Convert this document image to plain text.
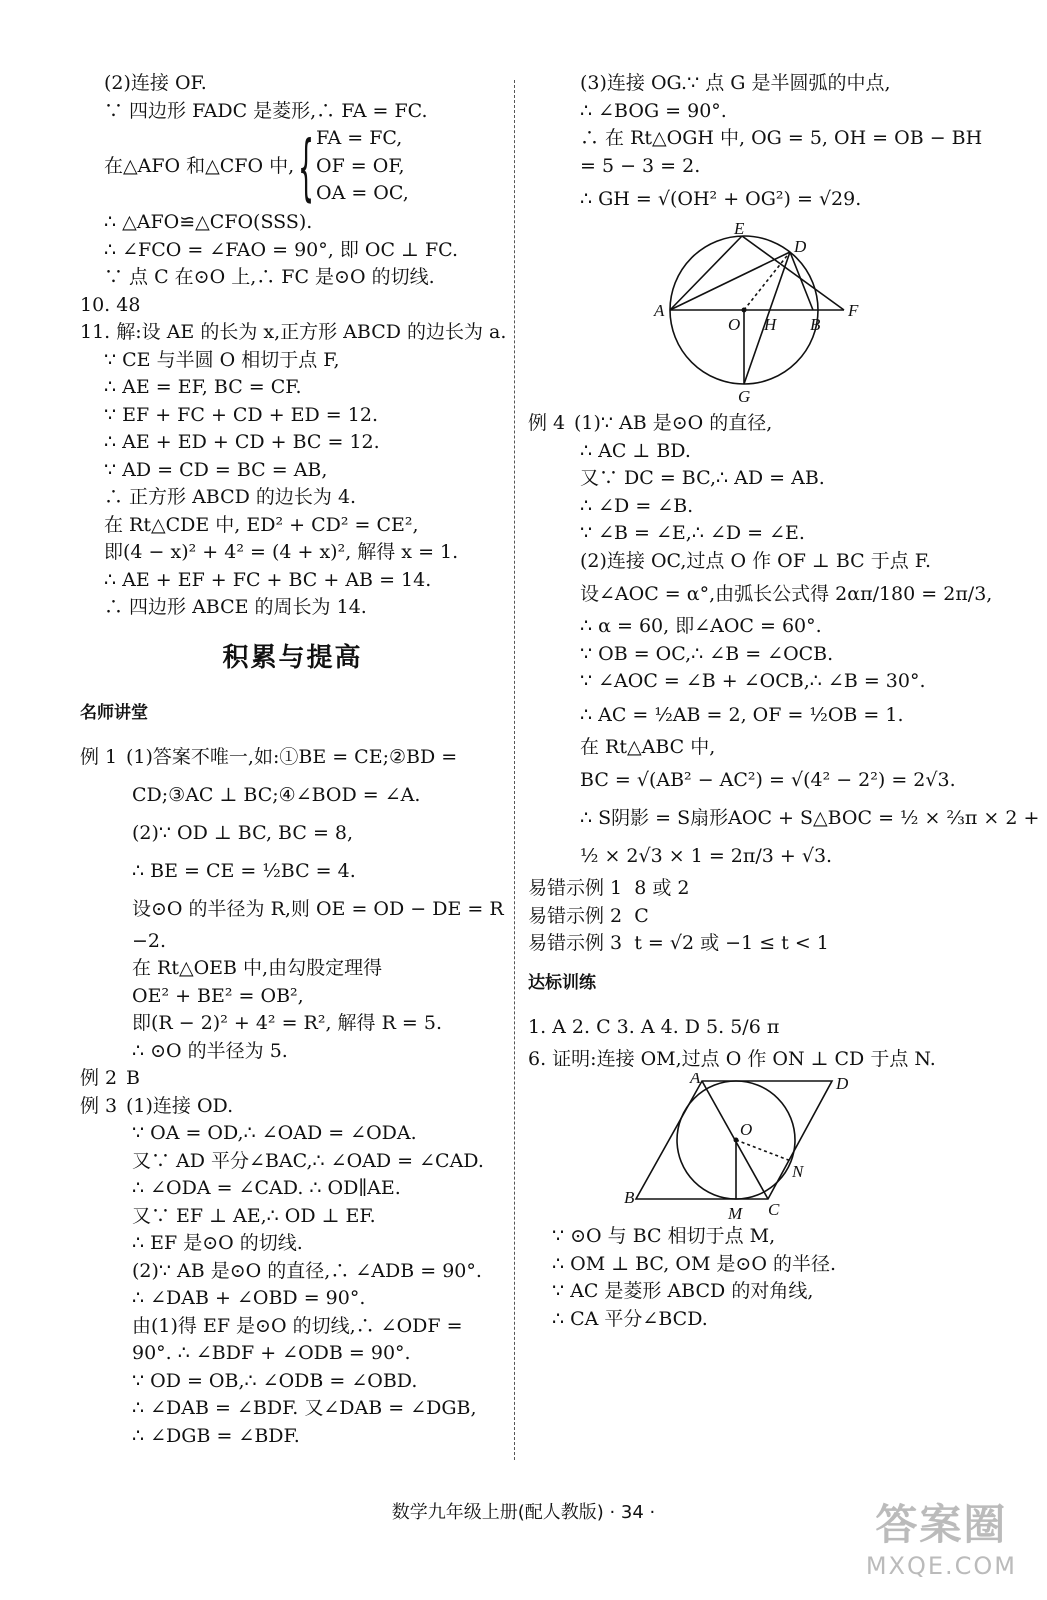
(2)连接 OF.
∵ 四边形 FADC 是菱形,∴ FA = FC.
在△AFO 和△CFO 中, { FA = FC,
OF = OF,
OA = OC,
∴ △AFO≌△CFO(SSS).
∴ ∠FCO = ∠FAO = 90°, 即 OC ⊥ FC.
∵ 点 C 在⊙O 上,∴ FC 是⊙O 的切线.
10. 48
11. 解:设 AE 的长为 x,正方形 ABCD 的边长为 a.
∵ CE 与半圆 O 相切于点 F,
∴ AE = EF, BC = CF.
∵ EF + FC + CD + ED = 12.
∴ AE + ED + CD + BC = 12.
∵ AD = CD = BC = AB,
∴ 正方形 ABCD 的边长为 4.
在 Rt△CDE 中, ED² + CD² = CE²,
即(4 − x)² + 4² = (4 + x)², 解得 x = 1.
∴ AE + EF + FC + BC + AB = 14.
∴ 四边形 ABCE 的周长为 14.
积累与提高
名师讲堂
例 1 (1)答案不唯一,如:①BE = CE;②BD =
CD;③AC ⊥ BC;④∠BOD = ∠A.
(2)∵ OD ⊥ BC, BC = 8,
∴ BE = CE = ½BC = 4.
设⊙O 的半径为 R,则 OE = OD − DE = R
−2.
在 Rt△OEB 中,由勾股定理得
OE² + BE² = OB²,
即(R − 2)² + 4² = R², 解得 R = 5.
∴ ⊙O 的半径为 5.
例 2 B
例 3 (1)连接 OD.
∵ OA = OD,∴ ∠OAD = ∠ODA.
又∵ AD 平分∠BAC,∴ ∠OAD = ∠CAD.
∴ ∠ODA = ∠CAD. ∴ OD∥AE.
又∵ EF ⊥ AE,∴ OD ⊥ EF.
∴ EF 是⊙O 的切线.
(2)∵ AB 是⊙O 的直径,∴ ∠ADB = 90°.
∴ ∠DAB + ∠OBD = 90°.
由(1)得 EF 是⊙O 的切线,∴ ∠ODF =
90°. ∴ ∠BDF + ∠ODB = 90°.
∵ OD = OB,∴ ∠ODB = ∠OBD.
∴ ∠DAB = ∠BDF. 又∠DAB = ∠DGB,
∴ ∠DGB = ∠BDF.
(3)连接 OG.∵ 点 G 是半圆弧的中点,
∴ ∠BOG = 90°.
∴ 在 Rt△OGH 中, OG = 5, OH = OB − BH
= 5 − 3 = 2.
∴ GH = √(OH² + OG²) = √29.
E
D
A
O H B
F
G
例 4 (1)∵ AB 是⊙O 的直径,
∴ AC ⊥ BD.
又∵ DC = BC,∴ AD = AB.
∴ ∠D = ∠B.
∵ ∠B = ∠E,∴ ∠D = ∠E.
(2)连接 OC,过点 O 作 OF ⊥ BC 于点 F.
设∠AOC = α°,由弧长公式得 2απ/180 = 2π/3,
∴ α = 60, 即∠AOC = 60°.
∵ OB = OC,∴ ∠B = ∠OCB.
∵ ∠AOC = ∠B + ∠OCB,∴ ∠B = 30°.
∴ AC = ½AB = 2, OF = ½OB = 1.
在 Rt△ABC 中,
BC = √(AB² − AC²) = √(4² − 2²) = 2√3.
∴ S阴影 = S扇形AOC + S△BOC = ½ × ⅔π × 2 +
½ × 2√3 × 1 = 2π/3 + √3.
易错示例 1 8 或 2
易错示例 2 C
易错示例 3 t = √2 或 −1 ≤ t < 1
达标训练
1. A 2. C 3. A 4. D 5. 5/6 π
6. 证明:连接 OM,过点 O 作 ON ⊥ CD 于点 N.
A	D
O
N
B
M C
∵ ⊙O 与 BC 相切于点 M,
∴ OM ⊥ BC, OM 是⊙O 的半径.
∵ AC 是菱形 ABCD 的对角线,
∴ CA 平分∠BCD.
数学九年级上册(配人教版) · 34 ·	答案圈
MXQE.COM
